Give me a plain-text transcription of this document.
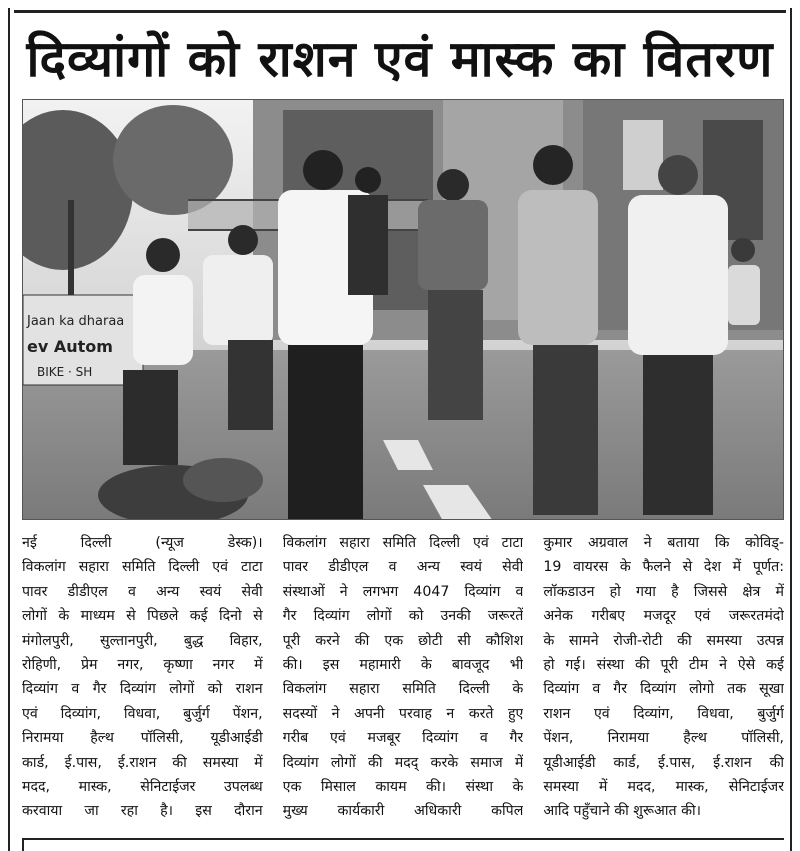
दिव्यांगों को राशन एवं मास्क का वितरण
Jaan ka dharaa
ev Autom
BIKE · SH
नई दिल्ली (न्यूज डेस्क)।
विकलांग सहारा समिति दिल्ली एवं टाटा
पावर डीडीएल व अन्य स्वयं सेवी
लोगों के माध्यम से पिछले कई दिनो से
मंगोलपुरी, सुल्तानपुरी, बुद्ध विहार,
रोहिणी, प्रेम नगर, कृष्णा नगर में
दिव्यांग व गैर दिव्यांग लोगों को राशन
एवं दिव्यांग, विधवा, बुर्जुर्ग पेंशन,
निरामया हैल्थ पॉलिसी, यूडीआईडी
कार्ड, ई.पास, ई.राशन की समस्या में
मदद, मास्क, सेनिटाईजर उपलब्ध
करवाया जा रहा है। इस दौरान
विकलांग सहारा समिति दिल्ली एवं टाटा
पावर डीडीएल व अन्य स्वयं सेवी
संस्थाओं ने लगभग 4047 दिव्यांग व
गैर दिव्यांग लोगों को उनकी जरूरतें
पूरी करने की एक छोटी सी कौशिश
की। इस महामारी के बावजूद भी
विकलांग सहारा समिति दिल्ली के
सदस्यों ने अपनी परवाह न करते हुए
गरीब एवं मजबूर दिव्यांग व गैर
दिव्यांग लोगों की मदद् करके समाज में
एक मिसाल कायम की। संस्था के
मुख्य कार्यकारी अधिकारी कपिल
कुमार अग्रवाल ने बताया कि कोविड्-
19 वायरस के फैलने से देश में पूर्णत:
लॉकडाउन हो गया है जिससे क्षेत्र में
अनेक गरीबए मजदूर एवं जरूरतमंदो
के सामने रोजी-रोटी की समस्या उत्पन्न
हो गई। संस्था की पूरी टीम ने ऐसे कई
दिव्यांग व गैर दिव्यांग लोगो तक सूखा
राशन एवं दिव्यांग, विधवा, बुर्जुर्ग
पेंशन, निरामया हैल्थ पॉलिसी,
यूडीआईडी कार्ड, ई.पास, ई.राशन की
समस्या में मदद, मास्क, सेनिटाईजर
आदि पहुँचाने की शुरूआत की।
